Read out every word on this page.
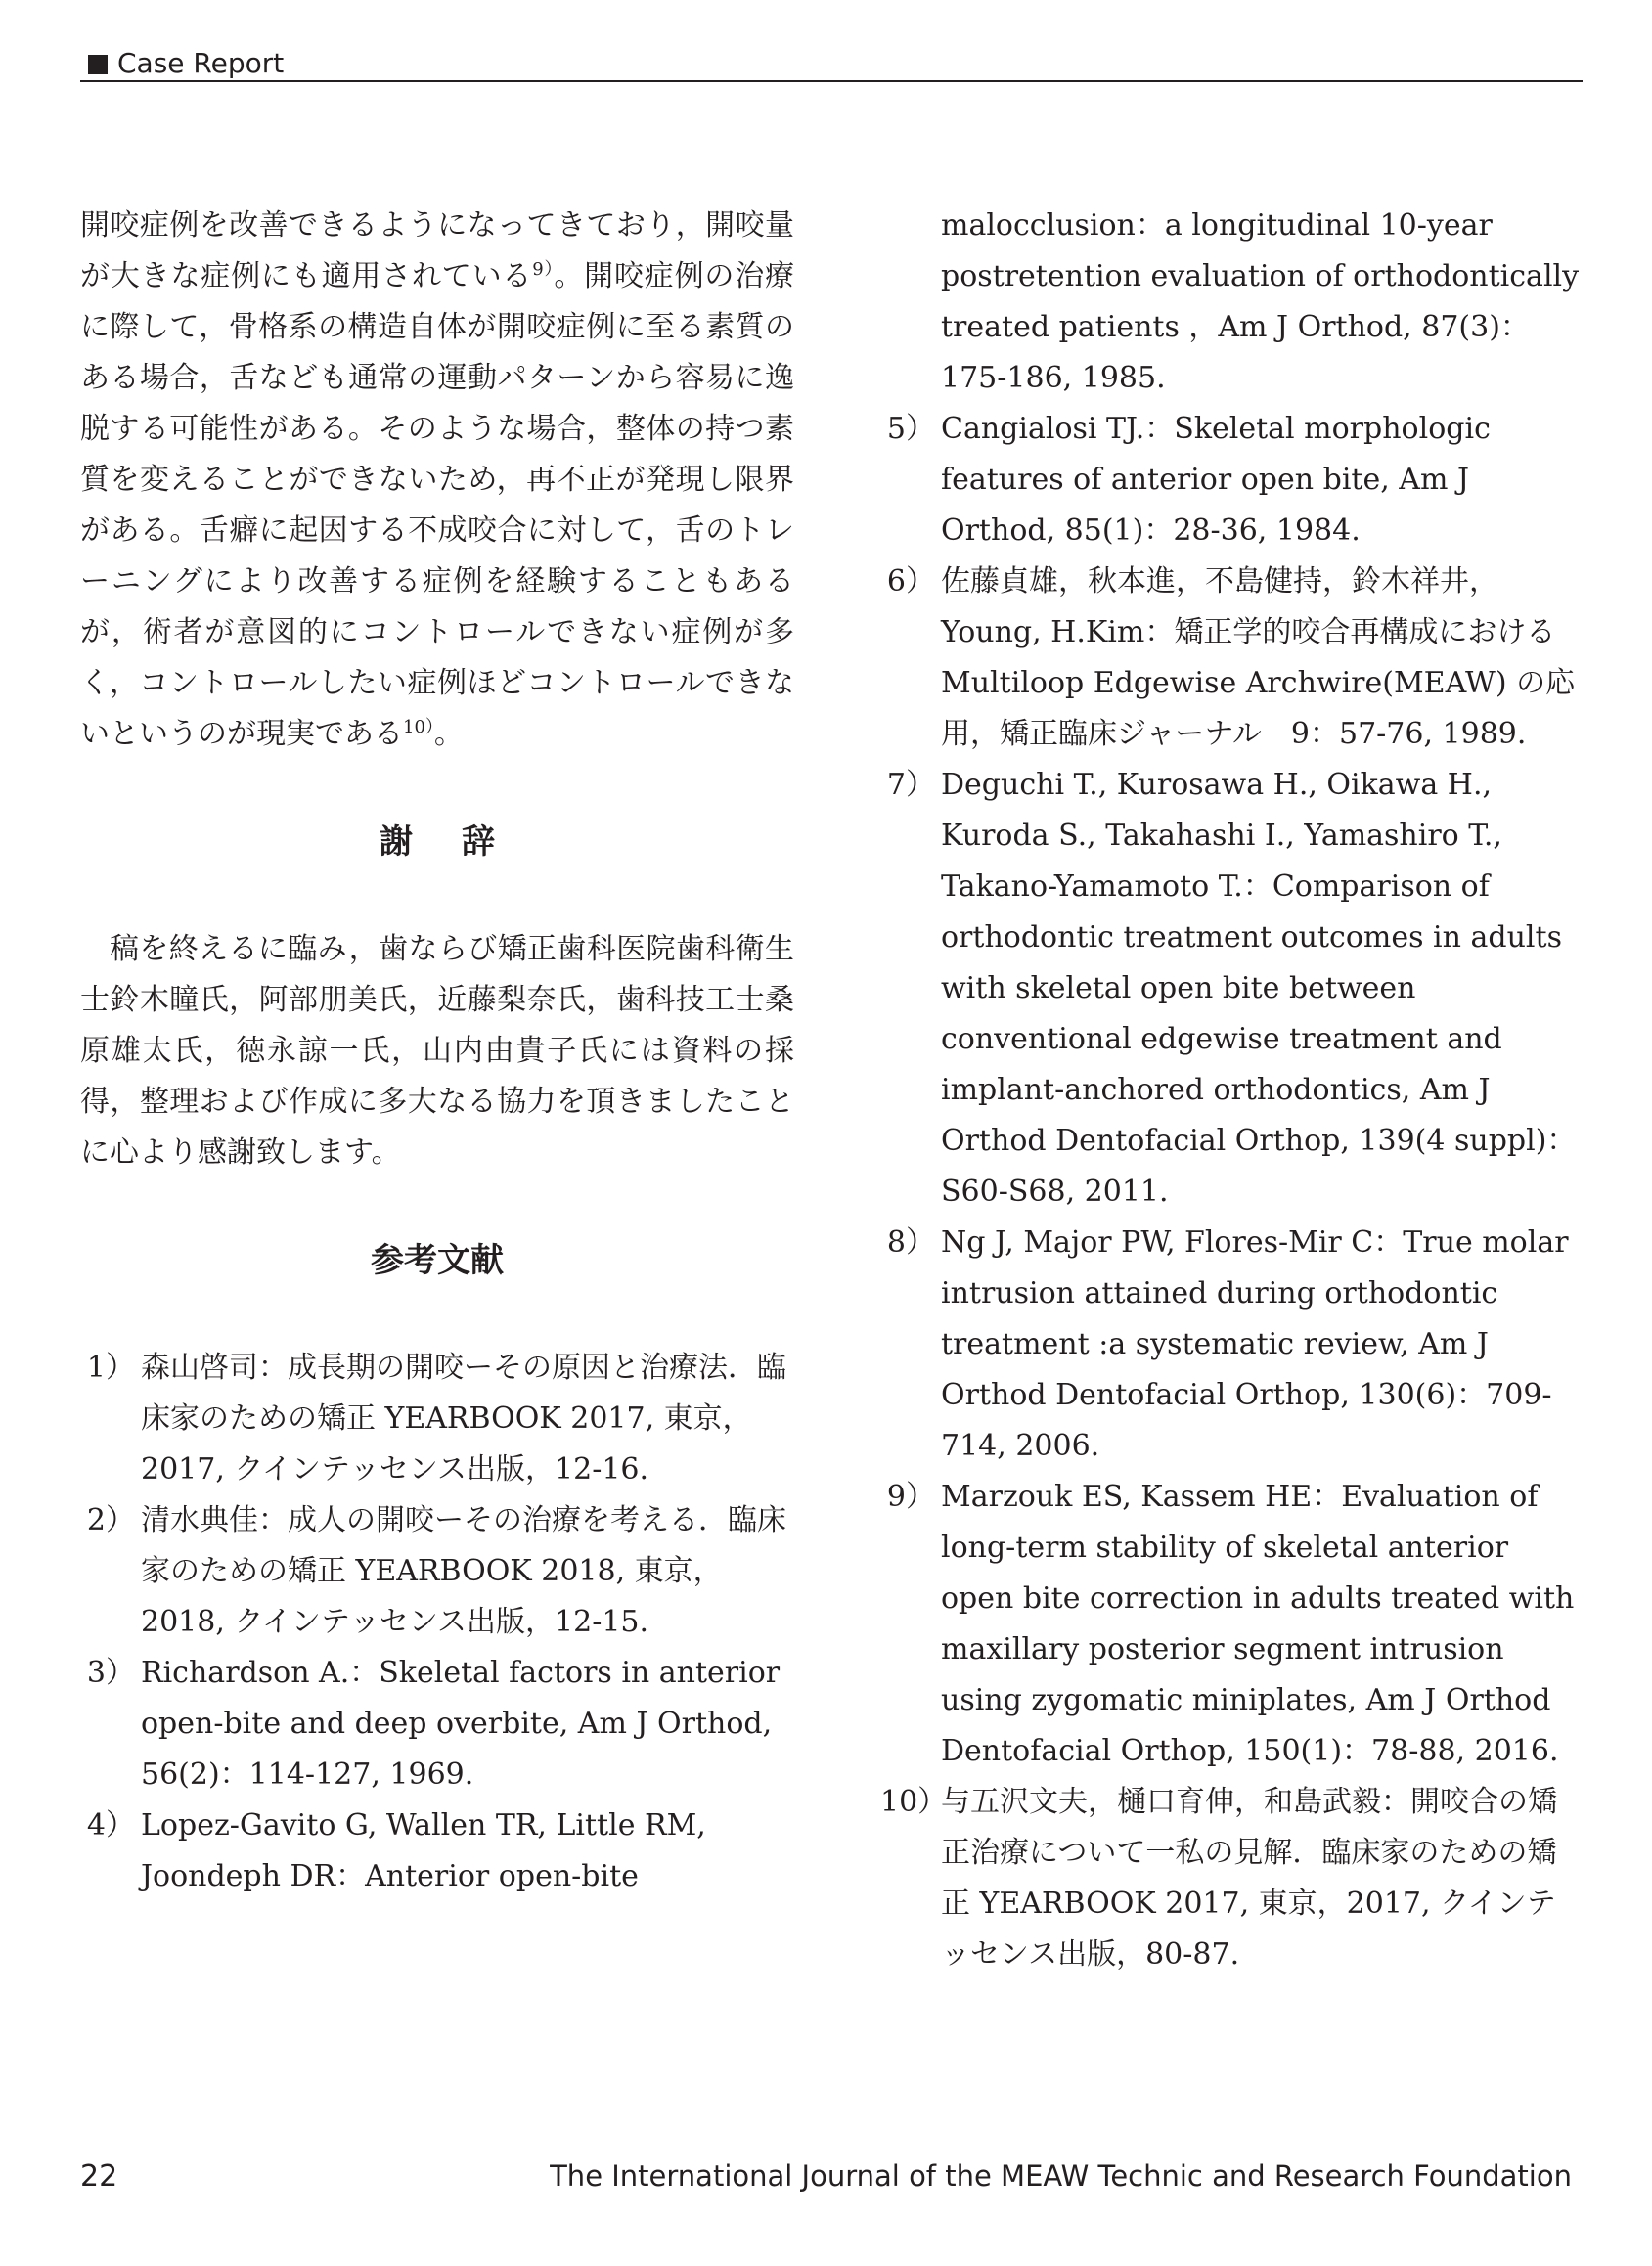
Case Report

開咬症例を改善できるようになってきており，開咬量が大きな症例にも適用されている$^{9)}$。開咬症例の治療に際して，骨格系の構造自体が開咬症例に至る素質のある場合，舌なども通常の運動パターンから容易に逸脱する可能性がある。そのような場合，整体の持つ素質を変えることができないため，再不正が発現し限界がある。舌癖に起因する不成咬合に対して，舌のトレーニングにより改善する症例を経験することもあるが，術者が意図的にコントロールできない症例が多く，コントロールしたい症例ほどコントロールできないというのが現実である$^{10)}$。

謝辞

稿を終えるに臨み，歯ならび矯正歯科医院歯科衛生士鈴木瞳氏，阿部朋美氏，近藤梨奈氏，歯科技工士桑原雄太氏，徳永諒一氏，山内由貴子氏には資料の採得，整理および作成に多大なる協力を頂きましたことに心より感謝致します。

参考文献
1） 森山啓司：成長期の開咬ーその原因と治療法．臨床家のための矯正 YEARBOOK 2017, 東京，2017, クインテッセンス出版，12-16.
2） 清水典佳：成人の開咬ーその治療を考える．臨床家のための矯正 YEARBOOK 2018, 東京，2018, クインテッセンス出版，12-15.
3） Richardson A.：Skeletal factors in anterior open-bite and deep overbite, Am J Orthod, 56(2)：114-127, 1969.
4） Lopez-Gavito G, Wallen TR, Little RM, Joondeph DR：Anterior open-bite
malocclusion：a longitudinal 10-year postretention evaluation of orthodontically treated patients ，Am J Orthod, 87(3)：175-186, 1985.
5） Cangialosi TJ.：Skeletal morphologic features of anterior open bite, Am J Orthod, 85(1)：28-36, 1984.
6） 佐藤貞雄，秋本進，不島健持，鈴木祥井，Young, H.Kim：矯正学的咬合再構成における Multiloop Edgewise Archwire(MEAW) の応用，矯正臨床ジャーナル　9：57-76, 1989.
7） Deguchi T., Kurosawa H., Oikawa H., Kuroda S., Takahashi I., Yamashiro T., Takano-Yamamoto T.：Comparison of orthodontic treatment outcomes in adults with skeletal open bite between conventional edgewise treatment and implant-anchored orthodontics, Am J Orthod Dentofacial Orthop, 139(4 suppl)：S60-S68, 2011.
8） Ng J, Major PW, Flores-Mir C：True molar intrusion attained during orthodontic treatment :a systematic review, Am J Orthod Dentofacial Orthop, 130(6)：709-714, 2006.
9） Marzouk ES, Kassem HE：Evaluation of long-term stability of skeletal anterior open bite correction in adults treated with maxillary posterior segment intrusion using zygomatic miniplates, Am J Orthod Dentofacial Orthop, 150(1)：78-88, 2016.
10）
与五沢文夫，樋口育伸，和島武毅：開咬合の矯正治療について一私の見解．臨床家のための矯正 YEARBOOK 2017, 東京，2017, クインテッセンス出版，80-87.
22	The International Journal of the MEAW Technic and Research Foundation
